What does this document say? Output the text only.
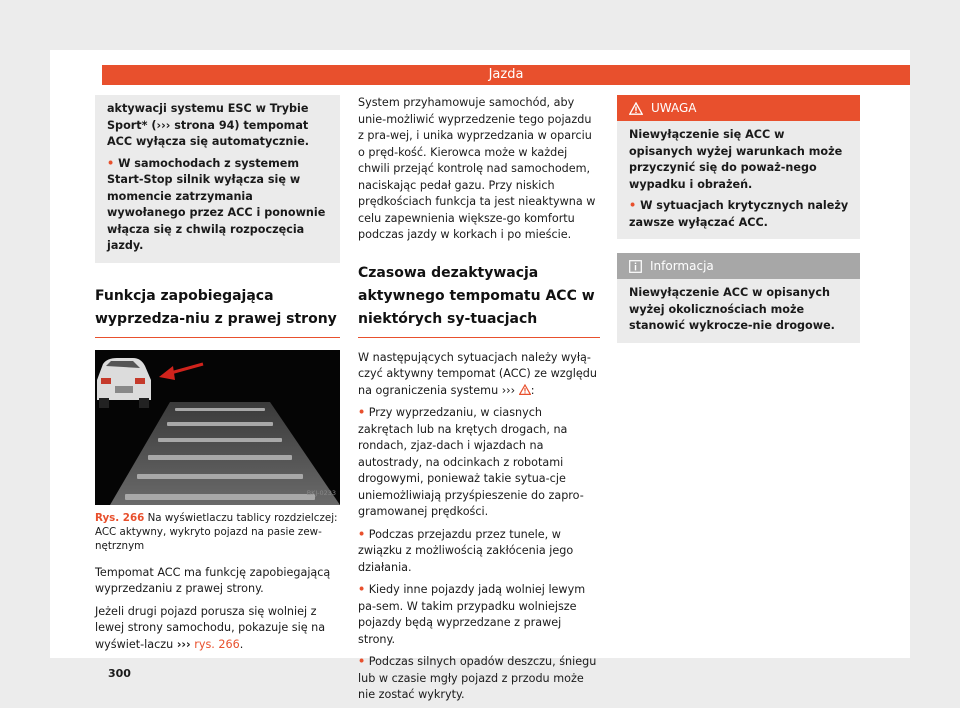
Jazda

aktywacji systemu ESC w Trybie Sport* (››› strona 94) tempomat ACC wyłącza się automatycznie.

• W samochodach z systemem Start-Stop silnik wyłącza się w momencie zatrzymania wywołanego przez ACC i ponownie włącza się z chwilą rozpoczęcia jazdy.

Funkcja zapobiegająca wyprzedza-niu z prawej strony
BKJ-0233
Rys. 266 Na wyświetlaczu tablicy rozdzielczej: ACC aktywny, wykryto pojazd na pasie zew-nętrznym

Tempomat ACC ma funkcję zapobiegającą wyprzedzaniu z prawej strony.

Jeżeli drugi pojazd porusza się wolniej z lewej strony samochodu, pokazuje się na wyświet-laczu ››› rys. 266.

System przyhamowuje samochód, aby unie-możliwić wyprzedzenie tego pojazdu z pra-wej, i unika wyprzedzania w oparciu o pręd-kość. Kierowca może w każdej chwili przejąć kontrolę nad samochodem, naciskając pedał gazu. Przy niskich prędkościach funkcja ta jest nieaktywna w celu zapewnienia większe-go komfortu podczas jazdy w korkach i po mieście.

Czasowa dezaktywacja aktywnego tempomatu ACC w niektórych sy-tuacjach

W następujących sytuacjach należy wyłą-czyć aktywny tempomat (ACC) ze względu na ograniczenia systemu ››› :

• Przy wyprzedzaniu, w ciasnych zakrętach lub na krętych drogach, na rondach, zjaz-dach i wjazdach na autostrady, na odcinkach z robotami drogowymi, ponieważ takie sytua-cje uniemożliwiają przyśpieszenie do zapro-gramowanej prędkości.

• Podczas przejazdu przez tunele, w związku z możliwością zakłócenia jego działania.

• Kiedy inne pojazdy jadą wolniej lewym pa-sem. W takim przypadku wolniejsze pojazdy będą wyprzedzane z prawej strony.

• Podczas silnych opadów deszczu, śniegu lub w czasie mgły pojazd z przodu może nie zostać wykryty.

UWAGA

Niewyłączenie się ACC w opisanych wyżej warunkach może przyczynić się do poważ-nego wypadku i obrażeń.

• W sytuacjach krytycznych należy zawsze wyłączać ACC.

Informacja

Niewyłączenie ACC w opisanych wyżej okolicznościach może stanowić wykrocze-nie drogowe.

300
